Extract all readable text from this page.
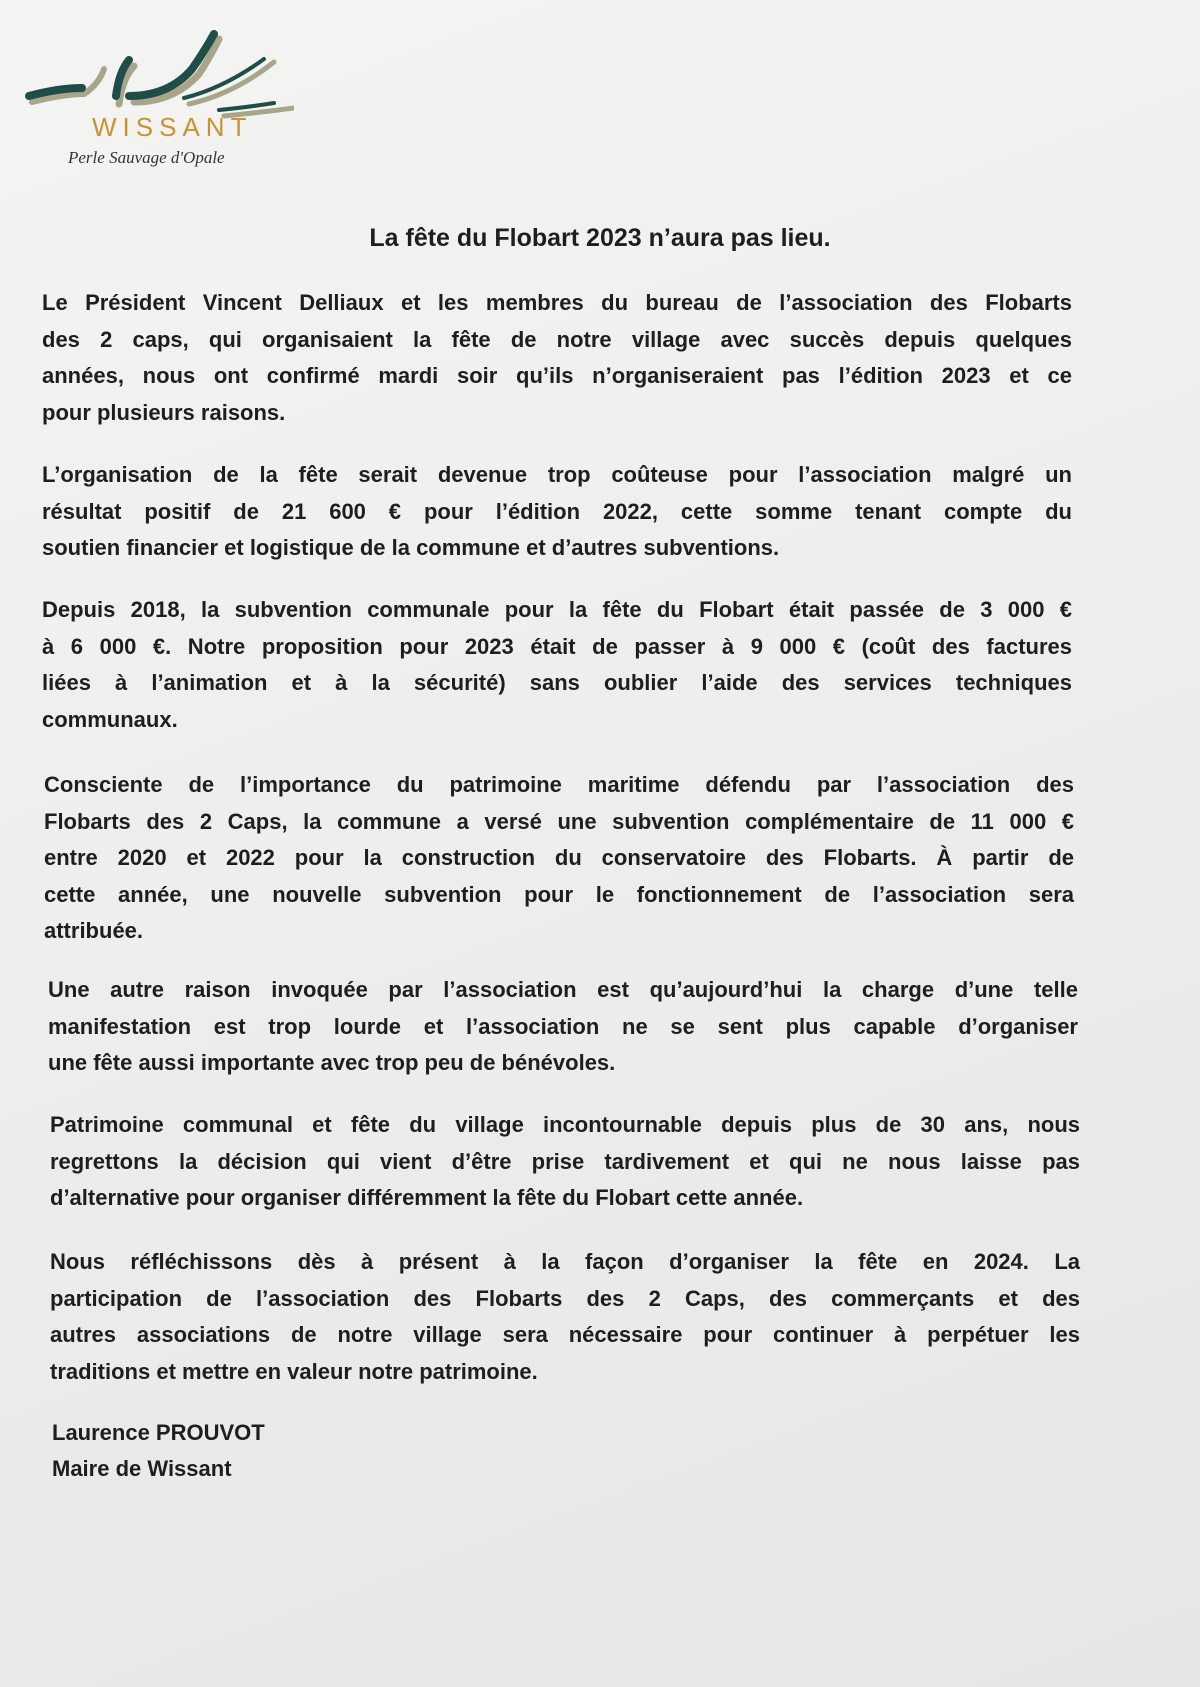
WISSANT
Perle Sauvage d'Opale
La fête du Flobart 2023 n’aura pas lieu.
Le Président Vincent Delliaux et les membres du bureau de l’association des Flobarts
des 2 caps, qui organisaient la fête de notre village avec succès depuis quelques
années, nous ont confirmé mardi soir qu’ils n’organiseraient pas l’édition 2023 et ce
pour plusieurs raisons.
L’organisation de la fête serait devenue trop coûteuse pour l’association malgré un
résultat positif de 21 600 € pour l’édition 2022, cette somme tenant compte du
soutien financier et logistique de la commune et d’autres subventions.
Depuis 2018, la subvention communale pour la fête du Flobart était passée de 3 000 €
à 6 000 €. Notre proposition pour 2023 était de passer à 9 000 € (coût des factures
liées à l’animation et à la sécurité) sans oublier l’aide des services techniques
communaux.
Consciente de l’importance du patrimoine maritime défendu par l’association des
Flobarts des 2 Caps, la commune a versé une subvention complémentaire de 11 000 €
entre 2020 et 2022 pour la construction du conservatoire des Flobarts. À partir de
cette année, une nouvelle subvention pour le fonctionnement de l’association sera
attribuée.
Une autre raison invoquée par l’association est qu’aujourd’hui la charge d’une telle
manifestation est trop lourde et l’association ne se sent plus capable d’organiser
une fête aussi importante avec trop peu de bénévoles.
Patrimoine communal et fête du village incontournable depuis plus de 30 ans, nous
regrettons la décision qui vient d’être prise tardivement et qui ne nous laisse pas
d’alternative pour organiser différemment la fête du Flobart cette année.
Nous réfléchissons dès à présent à la façon d’organiser la fête en 2024. La
participation de l’association des Flobarts des 2 Caps, des commerçants et des
autres associations de notre village sera nécessaire pour continuer à perpétuer les
traditions et mettre en valeur notre patrimoine.
Laurence PROUVOT
Maire de Wissant
